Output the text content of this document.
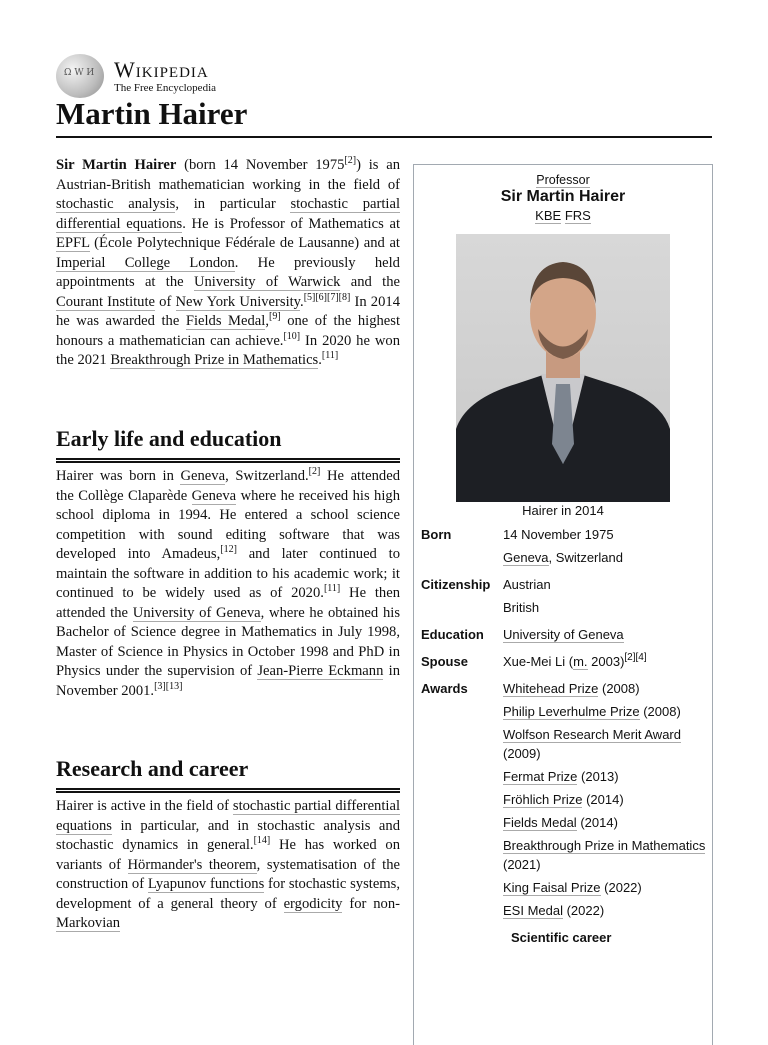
Ω W И
Wikipedia
The Free Encyclopedia
Martin Hairer

Sir Martin Hairer (born 14 November 1975[2]) is an Austrian-British mathematician working in the field of stochastic analysis, in particular stochastic partial differential equations. He is Professor of Mathematics at EPFL (École Polytechnique Fédérale de Lausanne) and at Imperial College London. He previously held appointments at the University of Warwick and the Courant Institute of New York University.[5][6][7][8] In 2014 he was awarded the Fields Medal,[9] one of the highest honours a mathematician can achieve.[10] In 2020 he won the 2021 Breakthrough Prize in Mathematics.[11]

Early life and education

Hairer was born in Geneva, Switzerland.[2] He attended the Collège Claparède Geneva where he received his high school diploma in 1994. He entered a school science competition with sound editing software that was developed into Amadeus,[12] and later continued to maintain the software in addition to his academic work; it continued to be widely used as of 2020.[11] He then attended the University of Geneva, where he obtained his Bachelor of Science degree in Mathematics in July 1998, Master of Science in Physics in October 1998 and PhD in Physics under the supervision of Jean-Pierre Eckmann in November 2001.[3][13]

Research and career

Hairer is active in the field of stochastic partial differential equations in particular, and in stochastic analysis and stochastic dynamics in general.[14] He has worked on variants of Hörmander's theorem, systematisation of the construction of Lyapunov functions for stochastic systems, development of a general theory of ergodicity for non-Markovian

Professor
Sir Martin Hairer
KBE FRS
Hairer in 2014
Born	14 November 1975
Geneva, Switzerland
Citizenship Austrian
British
Education	University of Geneva
Spouse	Xue-Mei Li (m. 2003)[2][4]
Awards	Whitehead Prize (2008)
Philip Leverhulme Prize (2008)
Wolfson Research Merit Award (2009)
Fermat Prize (2013)
Fröhlich Prize (2014)
Fields Medal (2014)
Breakthrough Prize in Mathematics (2021)
King Faisal Prize (2022)
ESI Medal (2022)
Scientific career
